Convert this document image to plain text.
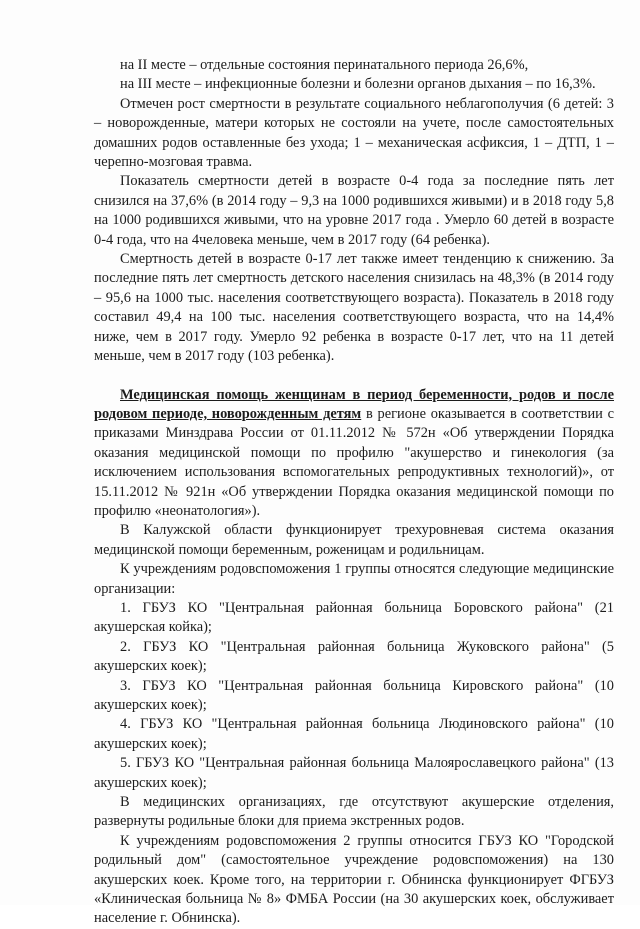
на II месте – отдельные состояния перинатального периода 26,6%,

на III месте – инфекционные болезни и болезни органов дыхания – по 16,3%.

Отмечен рост смертности в результате социального неблагополучия (6 детей: 3 – новорожденные, матери которых не состояли на учете, после самостоятельных домашних родов оставленные без ухода; 1 – механическая асфиксия, 1 – ДТП, 1 – черепно-мозговая травма.

Показатель смертности детей в возрасте 0-4 года за последние пять лет снизился на 37,6% (в 2014 году – 9,3 на 1000 родившихся живыми) и в 2018 году 5,8 на 1000 родившихся живыми, что на уровне 2017 года . Умерло 60 детей в возрасте 0-4 года, что на 4человека меньше, чем в 2017 году (64 ребенка).

Смертность детей в возрасте 0-17 лет также имеет тенденцию к снижению. За последние пять лет смертность детского населения снизилась на 48,3% (в 2014 году – 95,6 на 1000 тыс. населения соответствующего возраста). Показатель в 2018 году составил 49,4 на 100 тыс. населения соответствующего возраста, что на 14,4% ниже, чем в 2017 году. Умерло 92 ребенка в возрасте 0-17 лет, что на 11 детей меньше, чем в 2017 году (103 ребенка).

Медицинская помощь женщинам в период беременности, родов и после родовом периоде, новорожденным детям в регионе оказывается в соответствии с приказами Минздрава России от 01.11.2012 № 572н «Об утверждении Порядка оказания медицинской помощи по профилю "акушерство и гинекология (за исключением использования вспомогательных репродуктивных технологий)», от 15.11.2012 № 921н «Об утверждении Порядка оказания медицинской помощи по профилю «неонатология»).

В Калужской области функционирует трехуровневая система оказания медицинской помощи беременным, роженицам и родильницам.

К учреждениям родовспоможения 1 группы относятся следующие медицинские организации:

1. ГБУЗ КО "Центральная районная больница Боровского района" (21 акушерская койка);

2. ГБУЗ КО "Центральная районная больница Жуковского района" (5 акушерских коек);

3. ГБУЗ КО "Центральная районная больница Кировского района" (10 акушерских коек);

4. ГБУЗ КО "Центральная районная больница Людиновского района" (10 акушерских коек);

5. ГБУЗ КО "Центральная районная больница Малоярославецкого района" (13 акушерских коек);

В медицинских организациях, где отсутствуют акушерские отделения, развернуты родильные блоки для приема экстренных родов.

К учреждениям родовспоможения 2 группы относится ГБУЗ КО "Городской родильный дом" (самостоятельное учреждение родовспоможения) на 130 акушерских коек. Кроме того, на территории г. Обнинска функционирует ФГБУЗ «Клиническая больница № 8» ФМБА России (на 30 акушерских коек, обслуживает население г. Обнинска).
